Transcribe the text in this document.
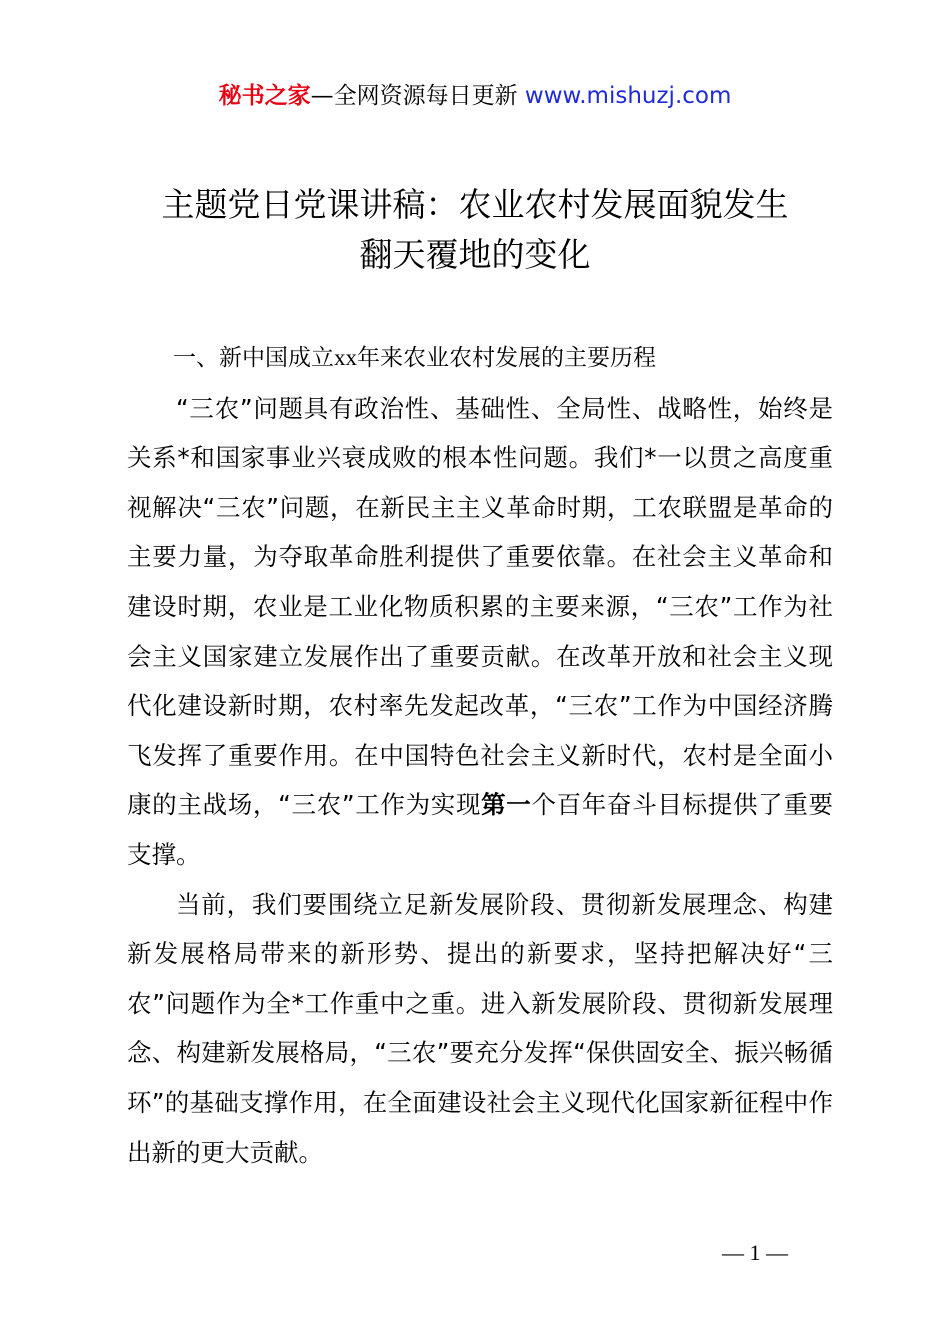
秘书之家—全网资源每日更新 www.mishuzj.com
主题党日党课讲稿：农业农村发展面貌发生
翻天覆地的变化

一、新中国成立xx年来农业农村发展的主要历程

“三农”问题具有政治性、基础性、全局性、战略性，始终是关系*和国家事业兴衰成败的根本性问题。我们*一以贯之高度重视解决“三农”问题，在新民主主义革命时期，工农联盟是革命的主要力量，为夺取革命胜利提供了重要依靠。在社会主义革命和建设时期，农业是工业化物质积累的主要来源，“三农”工作为社会主义国家建立发展作出了重要贡献。在改革开放和社会主义现代化建设新时期，农村率先发起改革，“三农”工作为中国经济腾飞发挥了重要作用。在中国特色社会主义新时代，农村是全面小康的主战场，“三农”工作为实现第一个百年奋斗目标提供了重要支撑。

当前，我们要围绕立足新发展阶段、贯彻新发展理念、构建新发展格局带来的新形势、提出的新要求，坚持把解决好“三农”问题作为全*工作重中之重。进入新发展阶段、贯彻新发展理念、构建新发展格局，“三农”要充分发挥“保供固安全、振兴畅循环”的基础支撑作用，在全面建设社会主义现代化国家新征程中作出新的更大贡献。

— 1 —
